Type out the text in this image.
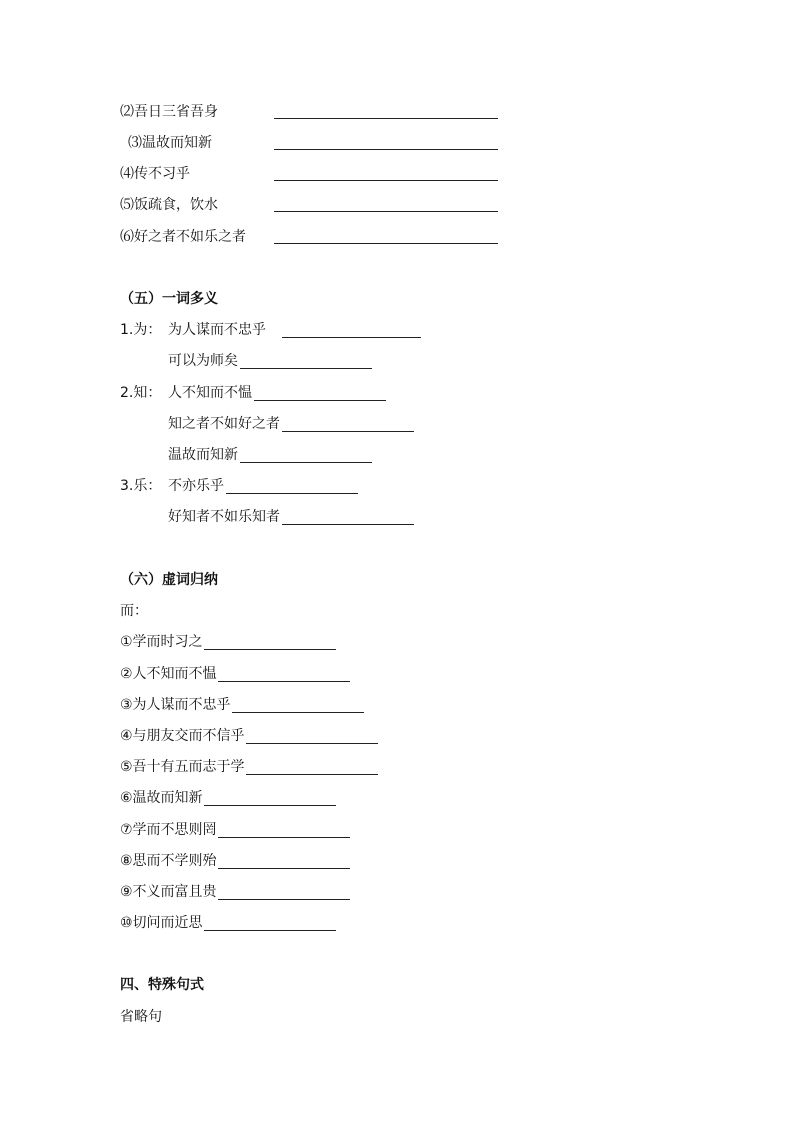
⑵吾日三省吾身
⑶温故而知新
⑷传不习乎
⑸饭疏食，饮水
⑹好之者不如乐之者
（五）一词多义
1.为： 为人谋而不忠乎
可以为师矣
2.知： 人不知而不愠
知之者不如好之者
温故而知新
3.乐： 不亦乐乎
好知者不如乐知者
（六）虚词归纳
而：
①学而时习之
②人不知而不愠
③为人谋而不忠乎
④与朋友交而不信乎
⑤吾十有五而志于学
⑥温故而知新
⑦学而不思则罔
⑧思而不学则殆
⑨不义而富且贵
⑩切问而近思
四、特殊句式
省略句
